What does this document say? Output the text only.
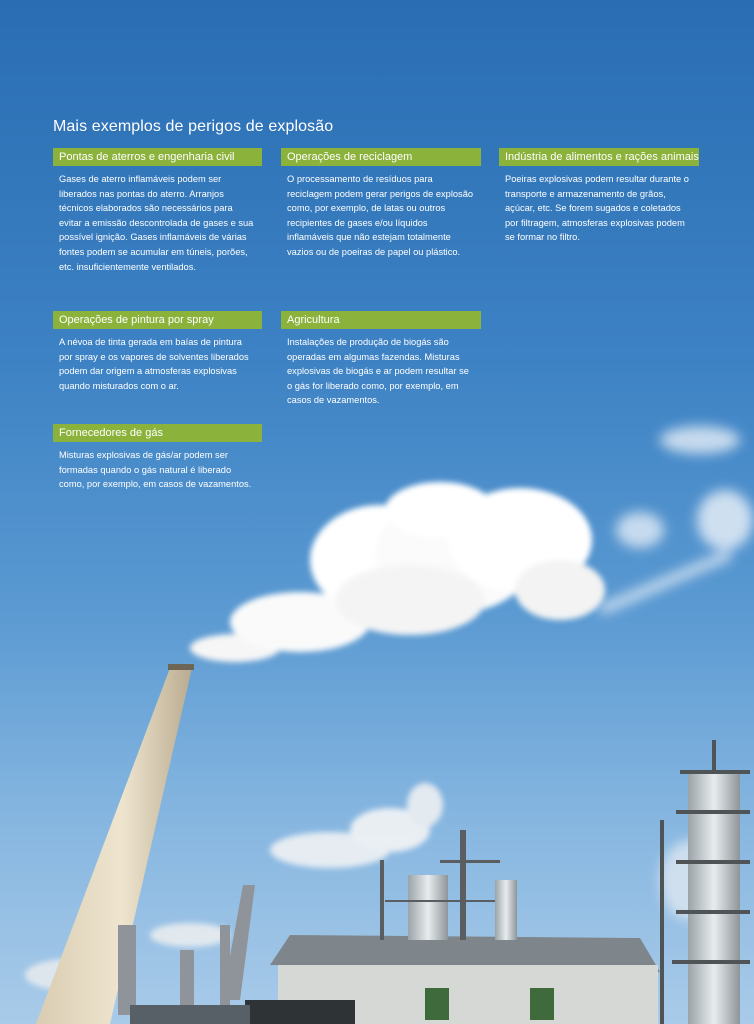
Mais exemplos de perigos de explosão
Pontas de aterros e engenharia civil
Gases de aterro inflamáveis podem ser liberados nas pontas do aterro. Arranjos técnicos elaborados são necessários para evitar a emissão descontrolada de gases e sua possível ignição. Gases inflamáveis de várias fontes podem se acumular em túneis, porões, etc. insuficientemente ventilados.
Operações de reciclagem
O processamento de resíduos para reciclagem podem gerar perigos de explosão como, por exemplo, de latas ou outros recipientes de gases e/ou líquidos inflamáveis que não estejam totalmente vazios ou de poeiras de papel ou plástico.
Indústria de alimentos e rações animais
Poeiras explosivas podem resultar durante o transporte e armazenamento de grãos, açúcar, etc. Se forem sugados e coletados por filtragem, atmosferas explosivas podem se formar no filtro.
Operações de pintura por spray
A névoa de tinta gerada em baías de pintura por spray e os vapores de solventes liberados podem dar origem a atmosferas explosivas quando misturados com o ar.
Agricultura
Instalações de produção de biogás são operadas em algumas fazendas. Misturas explosivas de biogás e ar podem resultar se o gás for liberado como, por exemplo, em casos de vazamentos.
Fornecedores de gás
Misturas explosivas de gás/ar podem ser formadas quando o gás natural é liberado como, por exemplo, em casos de vazamentos.
